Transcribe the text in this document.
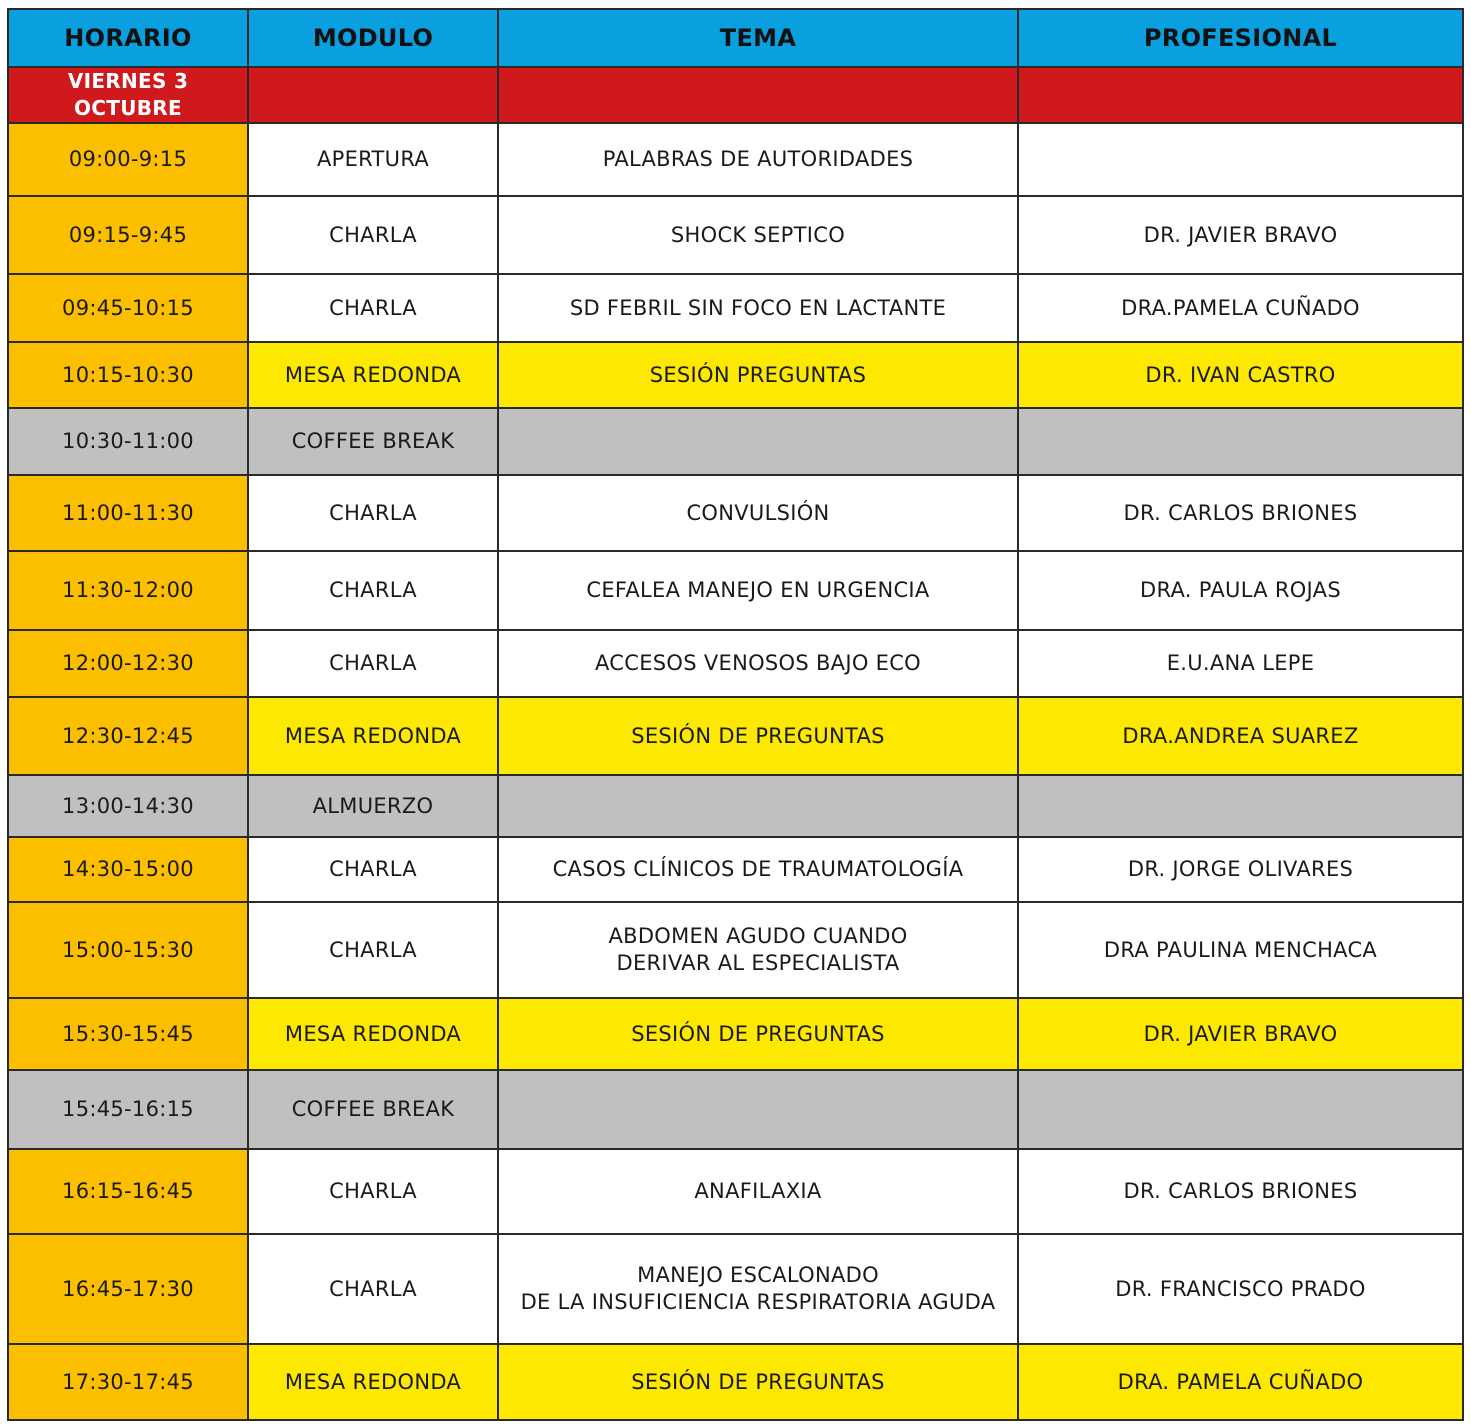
HORARIO	MODULO	TEMA	PROFESIONAL
VIERNES 3 OCTUBRE			
09:00-9:15	APERTURA	PALABRAS DE AUTORIDADES	
09:15-9:45	CHARLA	SHOCK SEPTICO	DR. JAVIER BRAVO
09:45-10:15	CHARLA	SD FEBRIL SIN FOCO EN LACTANTE	DRA.PAMELA CUÑADO
10:15-10:30	MESA REDONDA	SESIÓN PREGUNTAS	DR. IVAN CASTRO
10:30-11:00	COFFEE BREAK		
11:00-11:30	CHARLA	CONVULSIÓN	DR. CARLOS BRIONES
11:30-12:00	CHARLA	CEFALEA MANEJO EN URGENCIA	DRA. PAULA ROJAS
12:00-12:30	CHARLA	ACCESOS VENOSOS BAJO ECO	E.U.ANA LEPE
12:30-12:45	MESA REDONDA	SESIÓN DE PREGUNTAS	DRA.ANDREA SUAREZ
13:00-14:30	ALMUERZO		
14:30-15:00	CHARLA	CASOS CLÍNICOS DE TRAUMATOLOGÍA	DR. JORGE OLIVARES
15:00-15:30	CHARLA	ABDOMEN AGUDO CUANDO
DERIVAR AL ESPECIALISTA	DRA PAULINA MENCHACA
15:30-15:45	MESA REDONDA	SESIÓN DE PREGUNTAS	DR. JAVIER BRAVO
15:45-16:15	COFFEE BREAK		
16:15-16:45	CHARLA	ANAFILAXIA	DR. CARLOS BRIONES
16:45-17:30	CHARLA	MANEJO ESCALONADO
DE LA INSUFICIENCIA RESPIRATORIA AGUDA	DR. FRANCISCO PRADO
17:30-17:45	MESA REDONDA	SESIÓN DE PREGUNTAS	DRA. PAMELA CUÑADO
